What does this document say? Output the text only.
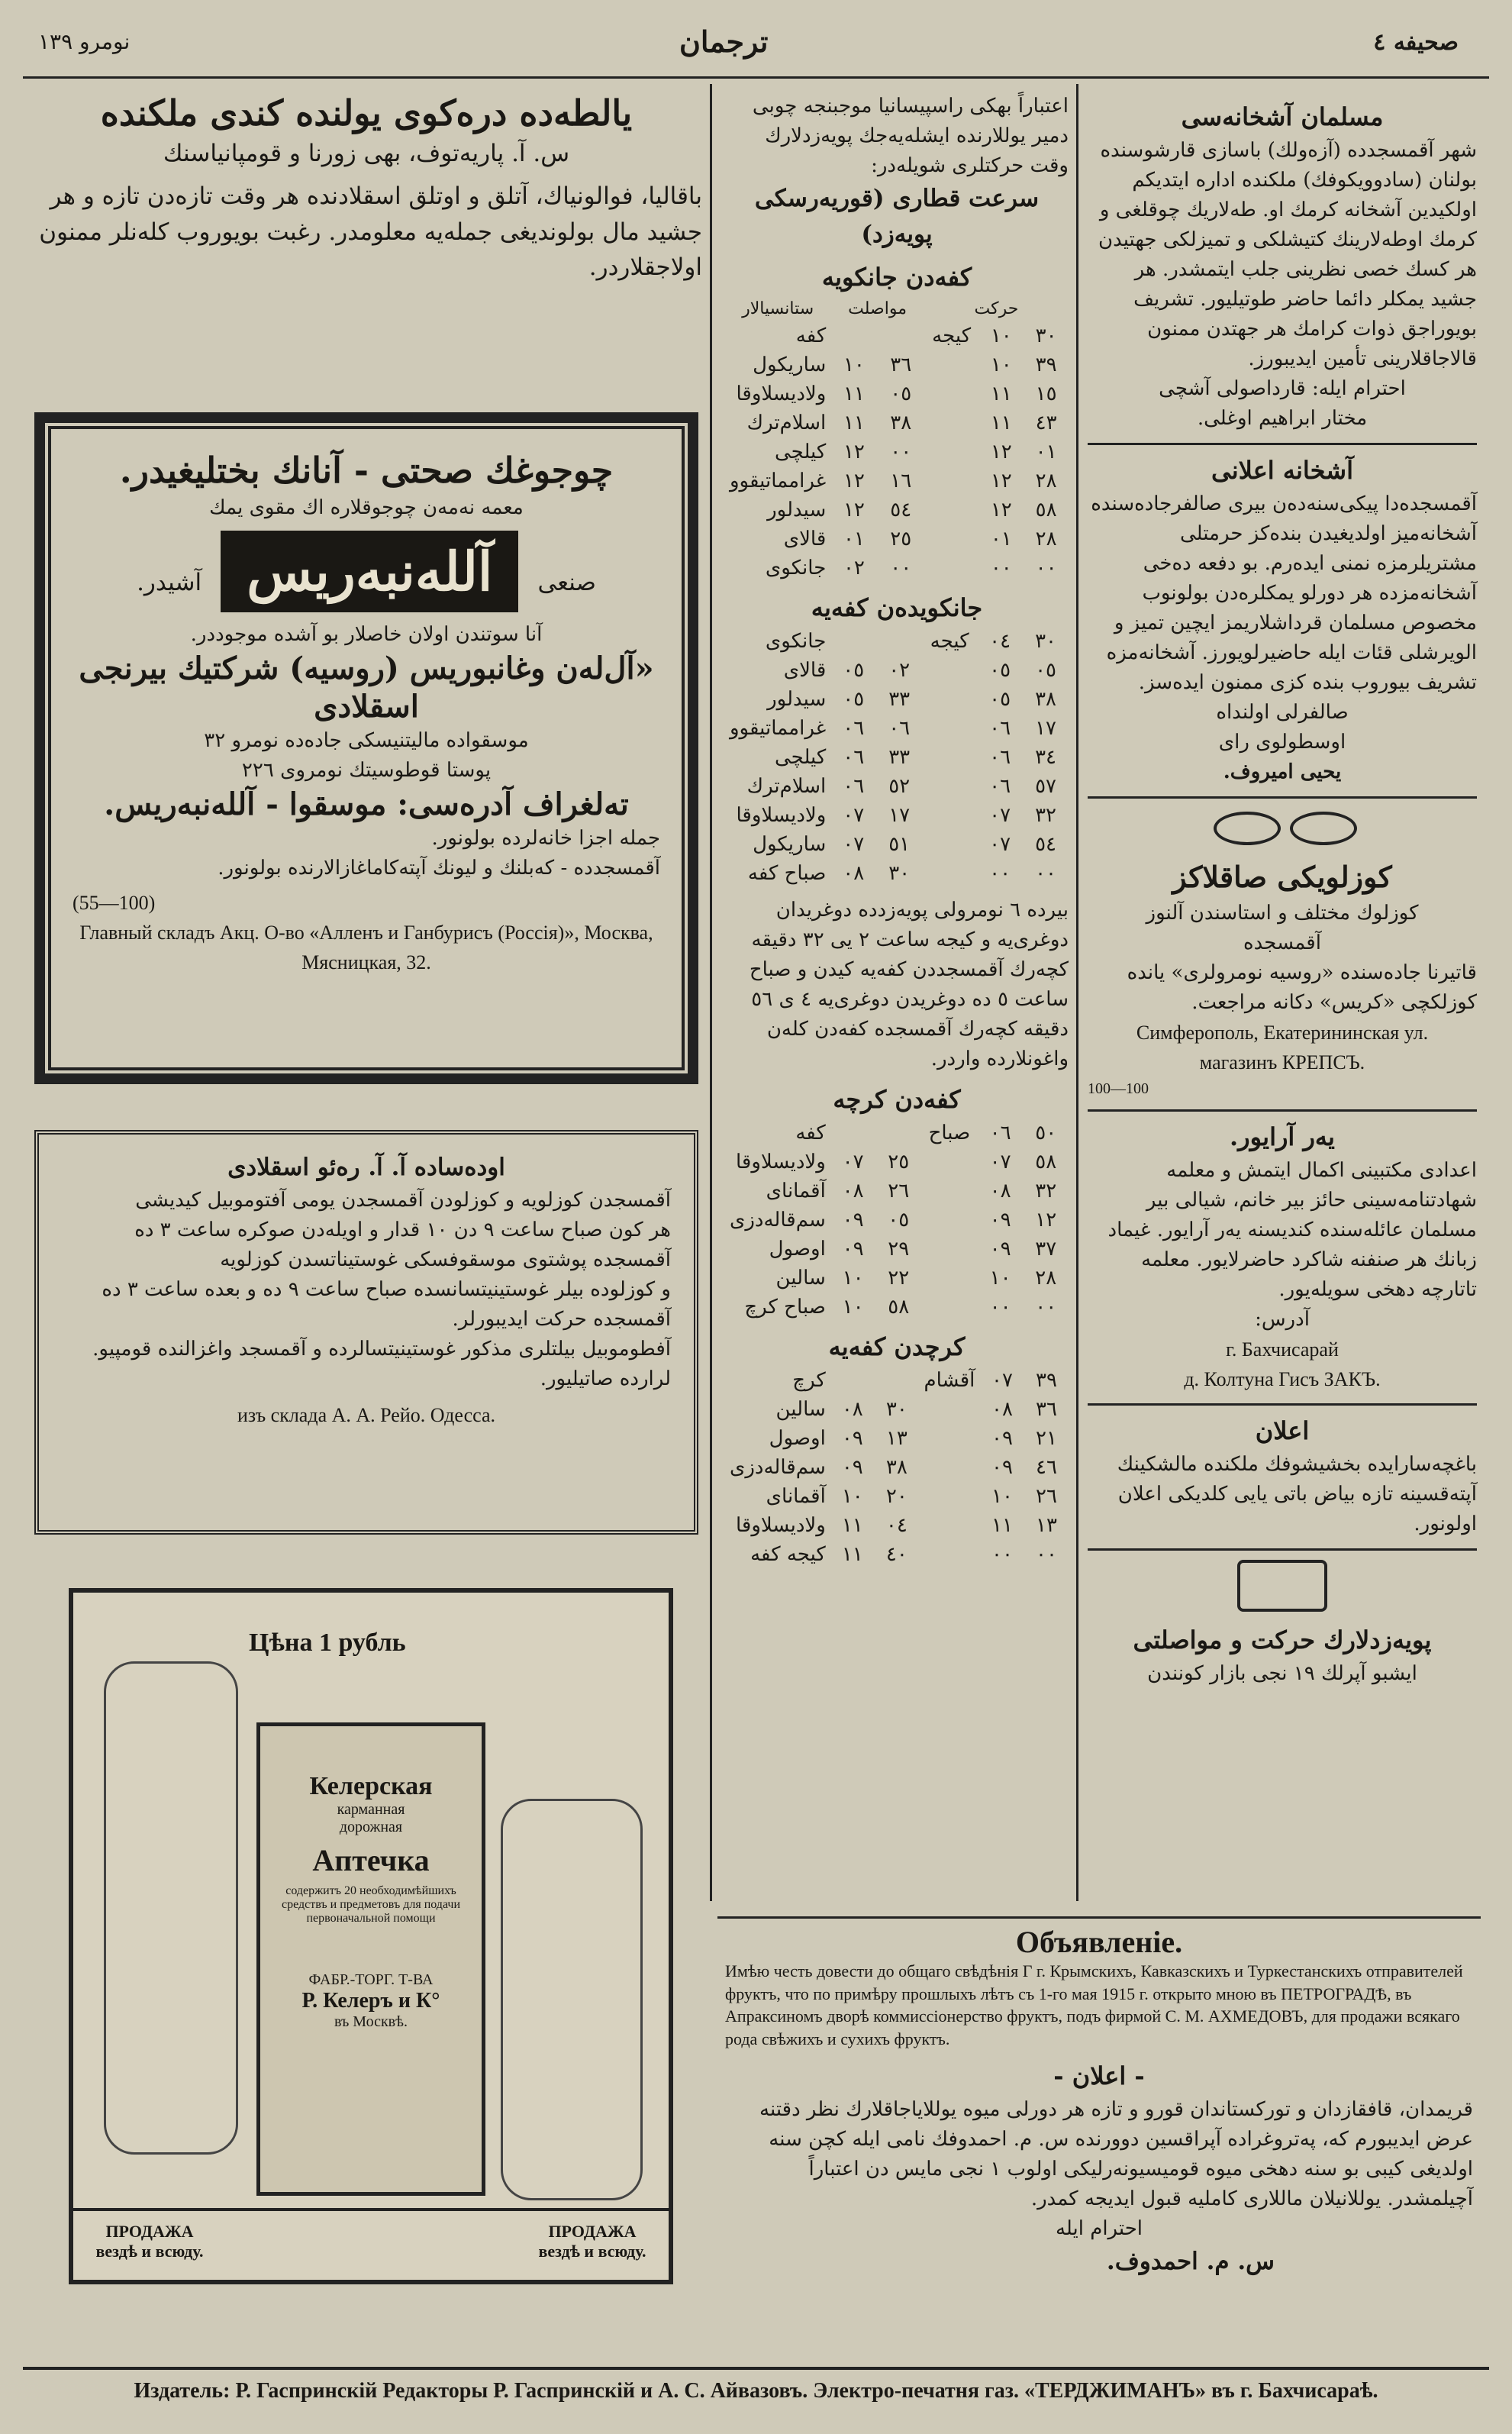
نومرو ١٣٩	ترجمان	صحيفه ٤
يالطه‌ده دره‌كوى يولنده كندى ملكنده
س. آ. پاريه‌توف، بهی زورنا و قومپانياسنك
باقاليا، فوالونياك، آتلق و اوتلق اسقلادنده هر وقت تازه‌دن تازه و هر جشيد مال بولونديغى جمله‌يه معلومدر. رغبت بويوروب كلەنلر ممنون اولاجقلاردر.
چوجوغك صحتى - آنانك بختليغيدر.
معمه نه‌مه‌ن چوجوقلاره اك مقوى يمك
صنعى آللەنبەريس آشيدر.
آنا سوتندن اولان خاصلار بو آشده موجوددر.
«آل‌له‌ن وغانبوريس (روسيه) شركتيك بيرنجى اسقلادى
موسقواده ماليتنيسكى جاده‌ده نومرو ٣٢
پوستا قوطوسيتك نومروى ٢٢٦
ته‌لغراف آدره‌سى: موسقوا - آلله‌نبه‌ريس.
جمله اجزا خانه‌لرده بولونور.
آقمسجدده - كه‌بلنك و ليونك آپته‌كاماغازالارنده بولونور.
(55—100)
Главный складъ Акц. О-во «Алленъ и Ганбурисъ (Россія)», Москва,
Мясницкая, 32.
اوده‌ساده آ. آ. رەئو اسقلادى
آقمسجدن كوزلويه و كوزلودن آقمسجدن يومى آفتوموبيل كيديشى
هر كون صباح ساعت ٩ دن ١٠ قدار و اويله‌دن صوكره ساعت ٣ ده
آقمسجده پوشتوى موسقوفسكى غوستيناتسدن كوزلويه
و كوزلوده بيلر غوستينيتسانسده صباح ساعت ٩ ده و بعده ساعت ٣ ده
آقمسجده حركت ايديبورلر.
آفطوموبيل بيلتلرى مذكور غوستينيتسالرده و آقمسجد واغزالنده قومپيو.
لرارده صاتيليور.
изъ склада А. А. Рейо. Одесса.
Цѣна 1 рубль
Келерская
карманная
дорожная
Аптечка
содержитъ 20 необходимѣйшихъ средствъ и предметовъ для подачи первоначальной помощи
ФАБР.-ТОРГ. Т-ВА
Р. Келеръ и К°
въ Москвѣ.
ПРОДАЖА вездѣ и всюду.
ПРОДАЖА вездѣ и всюду.
اعتباراً بهكى راسپيسانيا موجبنجه چوبى دمير يوللارنده ايشله‌يه‌جك پويه‌زدلارك وقت حركتلرى شويله‌در:
سرعت قطارى (قوريه‌رسكى پويه‌زد)
كفه‌دن جانكويه
حركت			مواصلت		ستانسيالار
٣٠	١٠	كيجه			كفه
٣٩	١٠		٣٦	١٠	ساريكول
١٥	١١		٠٥	١١	ولاديسلاوقا
٤٣	١١		٣٨	١١	اسلام‌ترك
٠١	١٢		٠٠	١٢	كيلچى
٢٨	١٢		١٦	١٢	غرامماتيقوو
٥٨	١٢		٥٤	١٢	سيدلور
٢٨	٠١		٢٥	٠١	قالاى
٠٠	٠٠		٠٠	٠٢	جانكوى
جانكويدەن كفه‌يه
٣٠	٠٤	كيجه			جانكوى
٠٥	٠٥		٠٢	٠٥	قالاى
٣٨	٠٥		٣٣	٠٥	سيدلور
١٧	٠٦		٠٦	٠٦	غرامماتيقوو
٣٤	٠٦		٣٣	٠٦	كيلچى
٥٧	٠٦		٥٢	٠٦	اسلام‌ترك
٣٢	٠٧		١٧	٠٧	ولاديسلاوقا
٥٤	٠٧		٥١	٠٧	ساريكول
٠٠	٠٠		٣٠	٠٨	صباح كفه
بيرده ٦ نومرولى پويه‌زدده دوغريدان دوغرى‌يه و كيجه ساعت ٢ يى ٣٢ دقيقه كچه‌رك آقمسجددن كفه‌يه كيدن و صباح ساعت ٥ ده دوغريدن دوغرى‌يه ٤ ى ٥٦ دقيقه كچه‌رك آقمسجده كفه‌دن كلەن واغونلارده واردر.
كفه‌دن كرچه
٥٠	٠٦	صباح			كفه
٥٨	٠٧		٢٥	٠٧	ولاديسلاوقا
٣٢	٠٨		٢٦	٠٨	آقمانای
١٢	٠٩		٠٥	٠٩	سم‌قالەدزى
٣٧	٠٩		٢٩	٠٩	اوصول
٢٨	١٠		٢٢	١٠	سالين
٠٠	٠٠		٥٨	١٠	صباح كرچ
كرچدن كفه‌يه
٣٩	٠٧	آقشام			كرچ
٣٦	٠٨		٣٠	٠٨	سالين
٢١	٠٩		١٣	٠٩	اوصول
٤٦	٠٩		٣٨	٠٩	سم‌قالەدزى
٢٦	١٠		٢٠	١٠	آقماناى
١٣	١١		٠٤	١١	ولاديسلاوقا
٠٠	٠٠		٤٠	١١	كيجه كفه
مسلمان آشخانه‌سى
شهر آقمسجدده (آزه‌ولك) باسازى قارشوسنده بولنان (سادوويكوفك) ملكنده اداره ايتديكم اولكيدين آشخانه كرمك او. طه‌لاريك چوقلغى و كرمك اوطه‌لارينك كتيشلكى و تميزلكى جهتيدن هر كسك خصى نظرينى جلب ايتمشدر. هر جشيد يمكلر دائما حاضر طوتيليور. تشريف بويوراجق ذوات كرامك هر جهتدن ممنون قالاجاقلارينى تأمين ايديبورز.
احترام ايله: قارداصولى آشچى
مختار ابراهيم اوغلى.
آشخانه اعلانى
آقمسجده‌دا پيكى‌سنه‌ده‌ن بيرى صالفرجاده‌سنده آشخانه‌ميز اولديغيدن بنده‌كز حرمتلى مشتريلرمزه نمنى ايدەرم. بو دفعه دەخى آشخانه‌مزده هر دورلو يمكلره‌دن بولونوب مخصوص مسلمان قرداشلاريمز ايچين تميز و الويرشلى قئات ايله حاضيرلويورز. آشخانه‌مزه تشريف بيوروب بنده كزى ممنون ايده‌سز.
صالفرلى اولنداه
اوسطولوى راى
يحيى اميروف.
كوزلويكى صاقلاكز
كوزلوك مختلف و استاسندن آلنوز
آقمسجده
قاتيرنا جاده‌سنده «روسيه نومرولرى» يانده كوزلكچى «كريس» دكانه مراجعت.
Симферополь, Екатерининская ул.
магазинъ КРЕПСЪ.
100—100
يه‌ر آرايور.
اعدادى مكتبينى اكمال ايتمش و معلمه شهادتنامه‌سينى حائز بير خانم، شيالى بير مسلمان عائله‌سنده كنديسنه يه‌ر آرايور. غيماد زبانك هر صنفنه شاكرد حاضرلايور. معلمه تاتارچه دهخى سويله‌يور.
آدرس:
г. Бахчисарай
д. Колтуна Гисъ ЗАКЪ.
اعلان
باغچه‌سارايده بخشيشوفك ملكنده مالشكينك آپته‌قسينه تازه بياض باتى يايى كلديكى اعلان اولونور.
پويه‌زدلارك حركت و مواصلتى
ايشبو آپرلك ١٩ نجى بازار كونندن
Объявленіе.
Имѣю честь довести до общаго свѣдѣнія Г г. Крымскихъ, Кавказскихъ и Туркестанскихъ отправителей фруктъ, что по примѣру прошлыхъ лѣтъ съ 1-го мая 1915 г. открыто мною въ ПЕТРОГРАДѢ, въ Апраксиномъ дворѣ коммиссіонерство фруктъ, подъ фирмой С. М. АХМЕДОВЪ, для продажи всякаго рода свѣжихъ и сухихъ фруктъ.
- اعلان -
قريمدان، قافقازدان و توركستاندان قورو و تازه هر دورلى ميوه يوللاياجاقلارك نظر دقتنه عرض ايديبورم كه، پەتروغراده آپراقسين دوورنده س. م. احمدوفك نامى ايله كچن سنه اولديغى كيبى بو سنه دهخى ميوه قوميسيونەرليكى اولوب ۱ نجى مايس دن اعتباراً آچيلمشدر. يوللانيلان ماللارى كامليه قبول ايديجه كمدر.
احترام ايله
س. م. احمدوف.
Издатель: Р. Гаспринскій Редакторы Р. Гаспринскій и А. С. Айвазовъ. Электро-печатня газ. «ТЕРДЖИМАНЪ» въ г. Бахчисараѣ.
